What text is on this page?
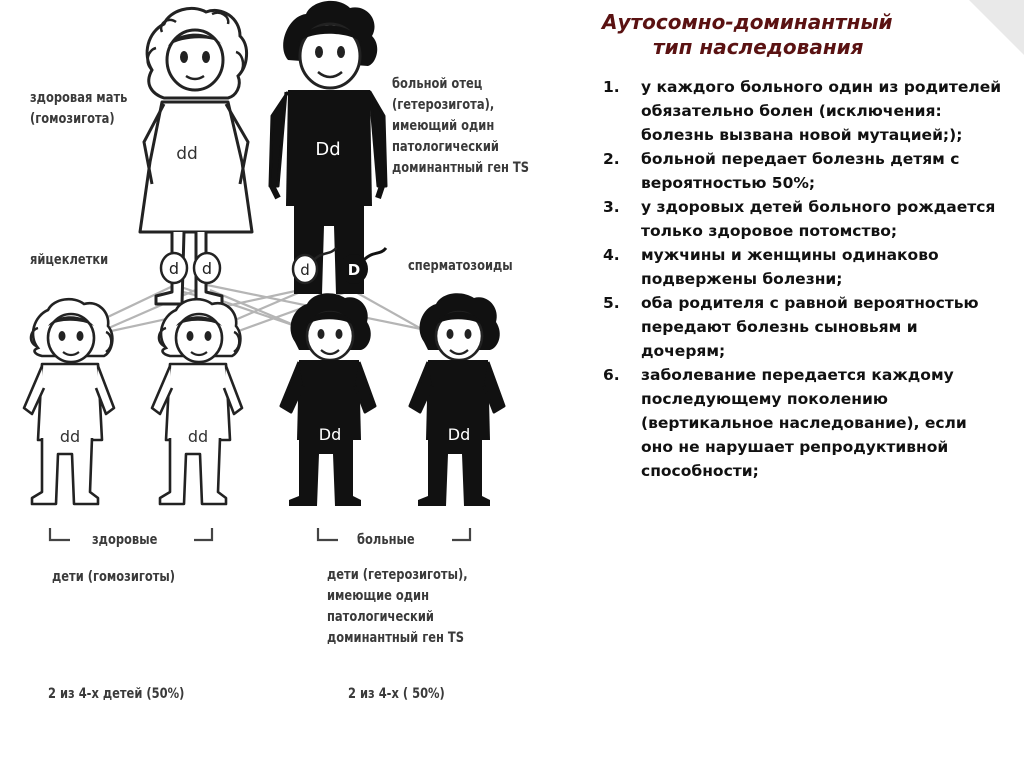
dd	Dd
d d	d	D
dd	dd	Dd	Dd
здоровая мать
(гомозигота)
больной отец
(гетерозигота),
имеющий один
патологический
доминантный ген TS
яйцеклетки	сперматозоиды
здоровые
дети (гомозиготы)
2 из 4-х детей (50%)
больные
дети (гетерозиготы),
имеющие один
патологический
доминантный ген TS
2 из 4-х ( 50%)
Аутосомно-доминантный
тип наследования
1. у каждого больного один из родителей обязательно болен (исключения: болезнь вызвана новой мутацией;);
2. больной передает болезнь детям с вероятностью 50%;
3. у здоровых детей больного рождается только здоровое потомство;
4. мужчины и женщины одинаково подвержены болезни;
5. оба родителя с равной вероятностью передают болезнь сыновьям и дочерям;
6. заболевание передается каждому последующему поколению (вертикальное наследование), если оно не нарушает репродуктивной способности;
